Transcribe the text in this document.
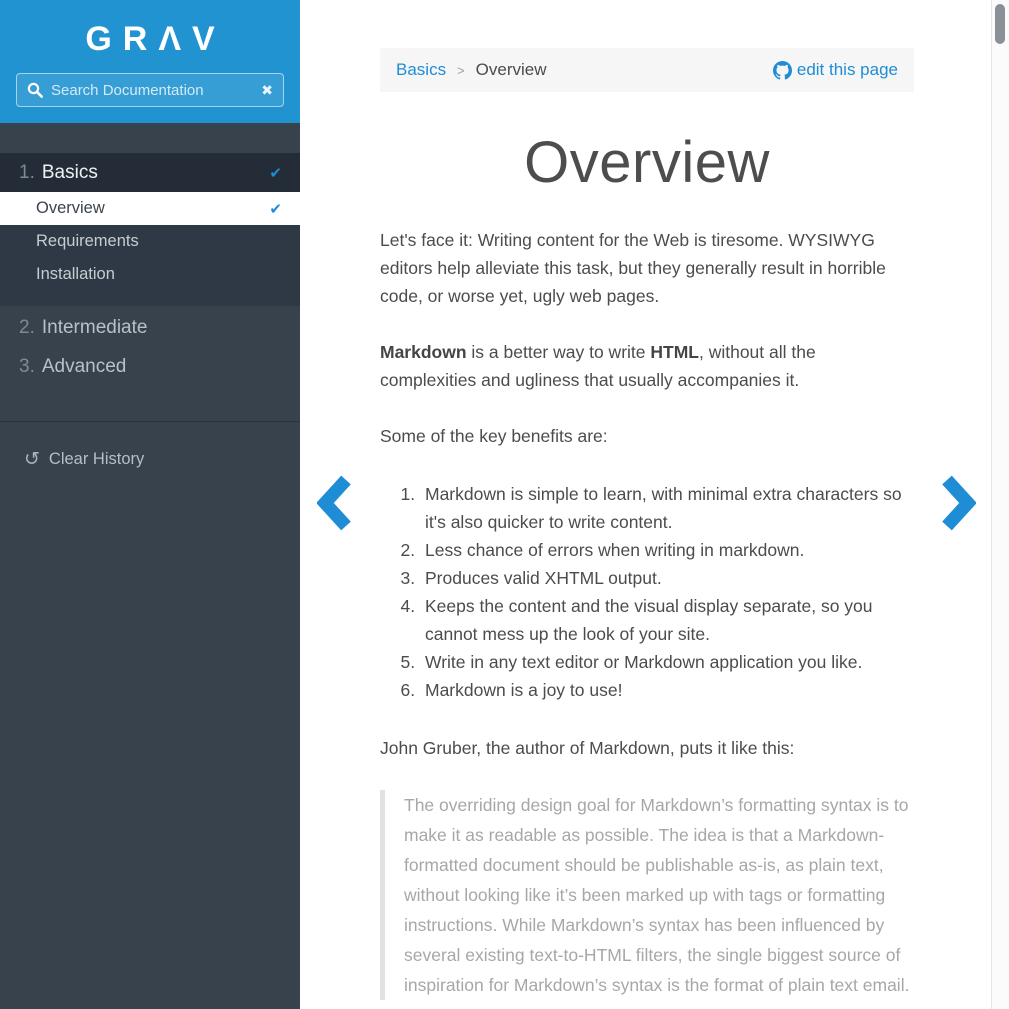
GRΛV
Search Documentation
✖
1. Basics	✔
Overview	✔
Requirements
Installation
2. Intermediate
3. Advanced
↺ Clear History
Basics > Overview	edit this page
Overview

Let's face it: Writing content for the Web is tiresome. WYSIWYG editors help alleviate this task, but they generally result in horrible code, or worse yet, ugly web pages.

Markdown is a better way to write HTML, without all the complexities and ugliness that usually accompanies it.

Some of the key benefits are:

1. Markdown is simple to learn, with minimal extra characters so it's also quicker to write content.
2. Less chance of errors when writing in markdown.
3. Produces valid XHTML output.
4. Keeps the content and the visual display separate, so you cannot mess up the look of your site.
5. Write in any text editor or Markdown application you like.
6. Markdown is a joy to use!

John Gruber, the author of Markdown, puts it like this:

The overriding design goal for Markdown’s formatting syntax is to make it as readable as possible. The idea is that a Markdown-formatted document should be publishable as-is, as plain text, without looking like it’s been marked up with tags or formatting instructions. While Markdown’s syntax has been influenced by several existing text-to-HTML filters, the single biggest source of inspiration for Markdown’s syntax is the format of plain text email.
